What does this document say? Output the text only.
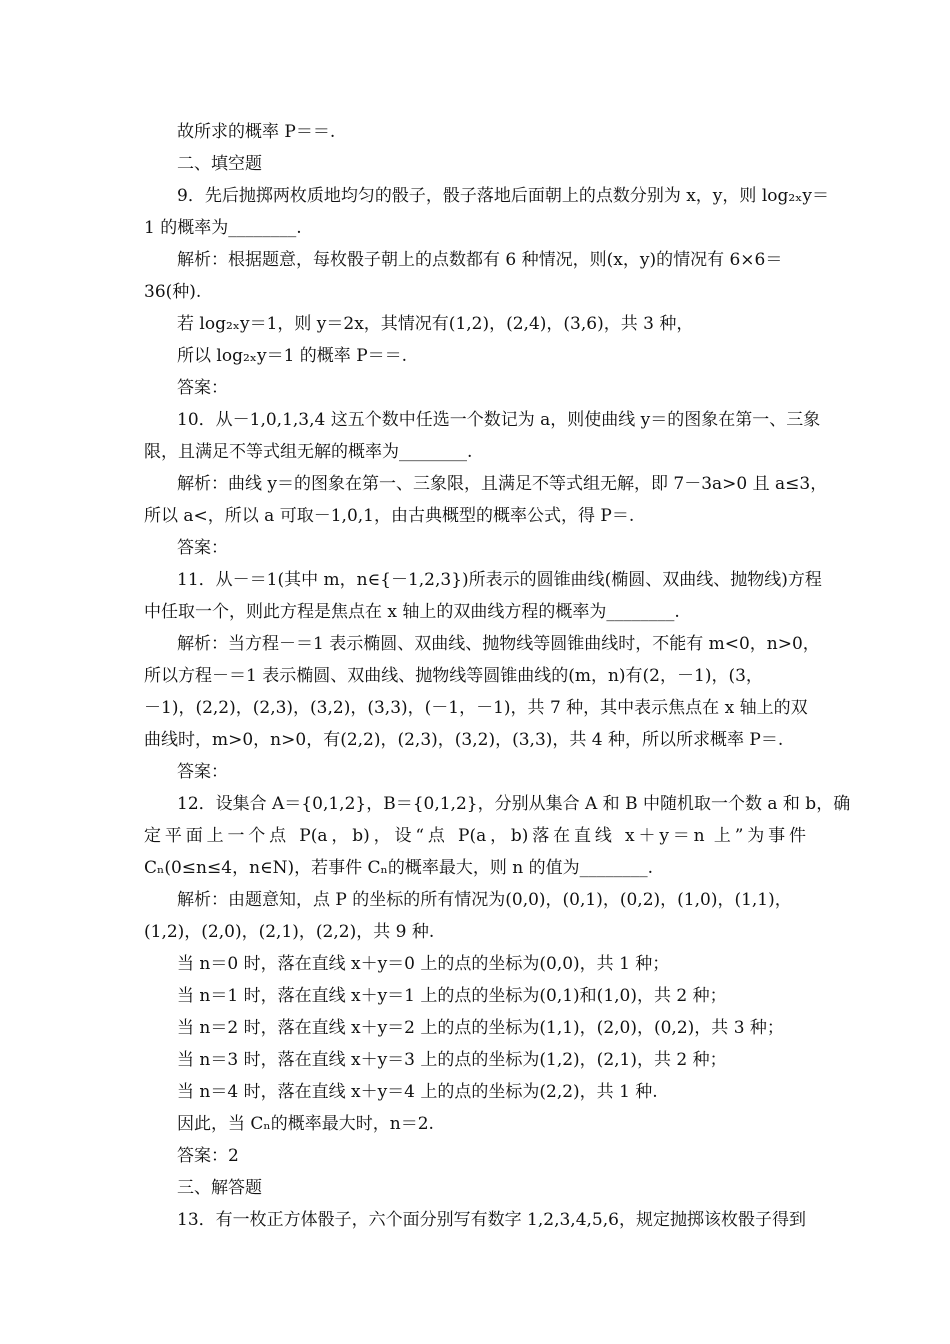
故所求的概率 P＝＝.
二、填空题
9．先后抛掷两枚质地均匀的骰子，骰子落地后面朝上的点数分别为 x，y，则 log₂ₓy＝
1 的概率为________.
解析：根据题意，每枚骰子朝上的点数都有 6 种情况，则(x，y)的情况有 6×6＝
36(种).
若 log₂ₓy＝1，则 y＝2x，其情况有(1,2)，(2,4)，(3,6)，共 3 种，
所以 log₂ₓy＝1 的概率 P＝＝.
答案：
10．从－1,0,1,3,4 这五个数中任选一个数记为 a，则使曲线 y＝的图象在第一、三象
限，且满足不等式组无解的概率为________.
解析：曲线 y＝的图象在第一、三象限，且满足不等式组无解，即 7－3a>0 且 a≤3，
所以 a<，所以 a 可取－1,0,1，由古典概型的概率公式，得 P＝.
答案：
11．从－＝1(其中 m，n∈{－1,2,3})所表示的圆锥曲线(椭圆、双曲线、抛物线)方程
中任取一个，则此方程是焦点在 x 轴上的双曲线方程的概率为________.
解析：当方程－＝1 表示椭圆、双曲线、抛物线等圆锥曲线时，不能有 m<0，n>0，
所以方程－＝1 表示椭圆、双曲线、抛物线等圆锥曲线的(m，n)有(2，－1)，(3，
－1)，(2,2)，(2,3)，(3,2)，(3,3)，(－1，－1)，共 7 种，其中表示焦点在 x 轴上的双
曲线时，m>0，n>0，有(2,2)，(2,3)，(3,2)，(3,3)，共 4 种，所以所求概率 P＝.
答案：
12．设集合 A＝{0,1,2}，B＝{0,1,2}，分别从集合 A 和 B 中随机取一个数 a 和 b，确
定平面上一个点 P(a，b)，设“点 P(a，b)落在直线 x＋y＝n 上”为事件
Cₙ(0≤n≤4，n∈N)，若事件 Cₙ的概率最大，则 n 的值为________.
解析：由题意知，点 P 的坐标的所有情况为(0,0)，(0,1)，(0,2)，(1,0)，(1,1)，
(1,2)，(2,0)，(2,1)，(2,2)，共 9 种.
当 n＝0 时，落在直线 x＋y＝0 上的点的坐标为(0,0)，共 1 种；
当 n＝1 时，落在直线 x＋y＝1 上的点的坐标为(0,1)和(1,0)，共 2 种；
当 n＝2 时，落在直线 x＋y＝2 上的点的坐标为(1,1)，(2,0)，(0,2)，共 3 种；
当 n＝3 时，落在直线 x＋y＝3 上的点的坐标为(1,2)，(2,1)，共 2 种；
当 n＝4 时，落在直线 x＋y＝4 上的点的坐标为(2,2)，共 1 种.
因此，当 Cₙ的概率最大时，n＝2.
答案：2
三、解答题
13．有一枚正方体骰子，六个面分别写有数字 1,2,3,4,5,6，规定抛掷该枚骰子得到
